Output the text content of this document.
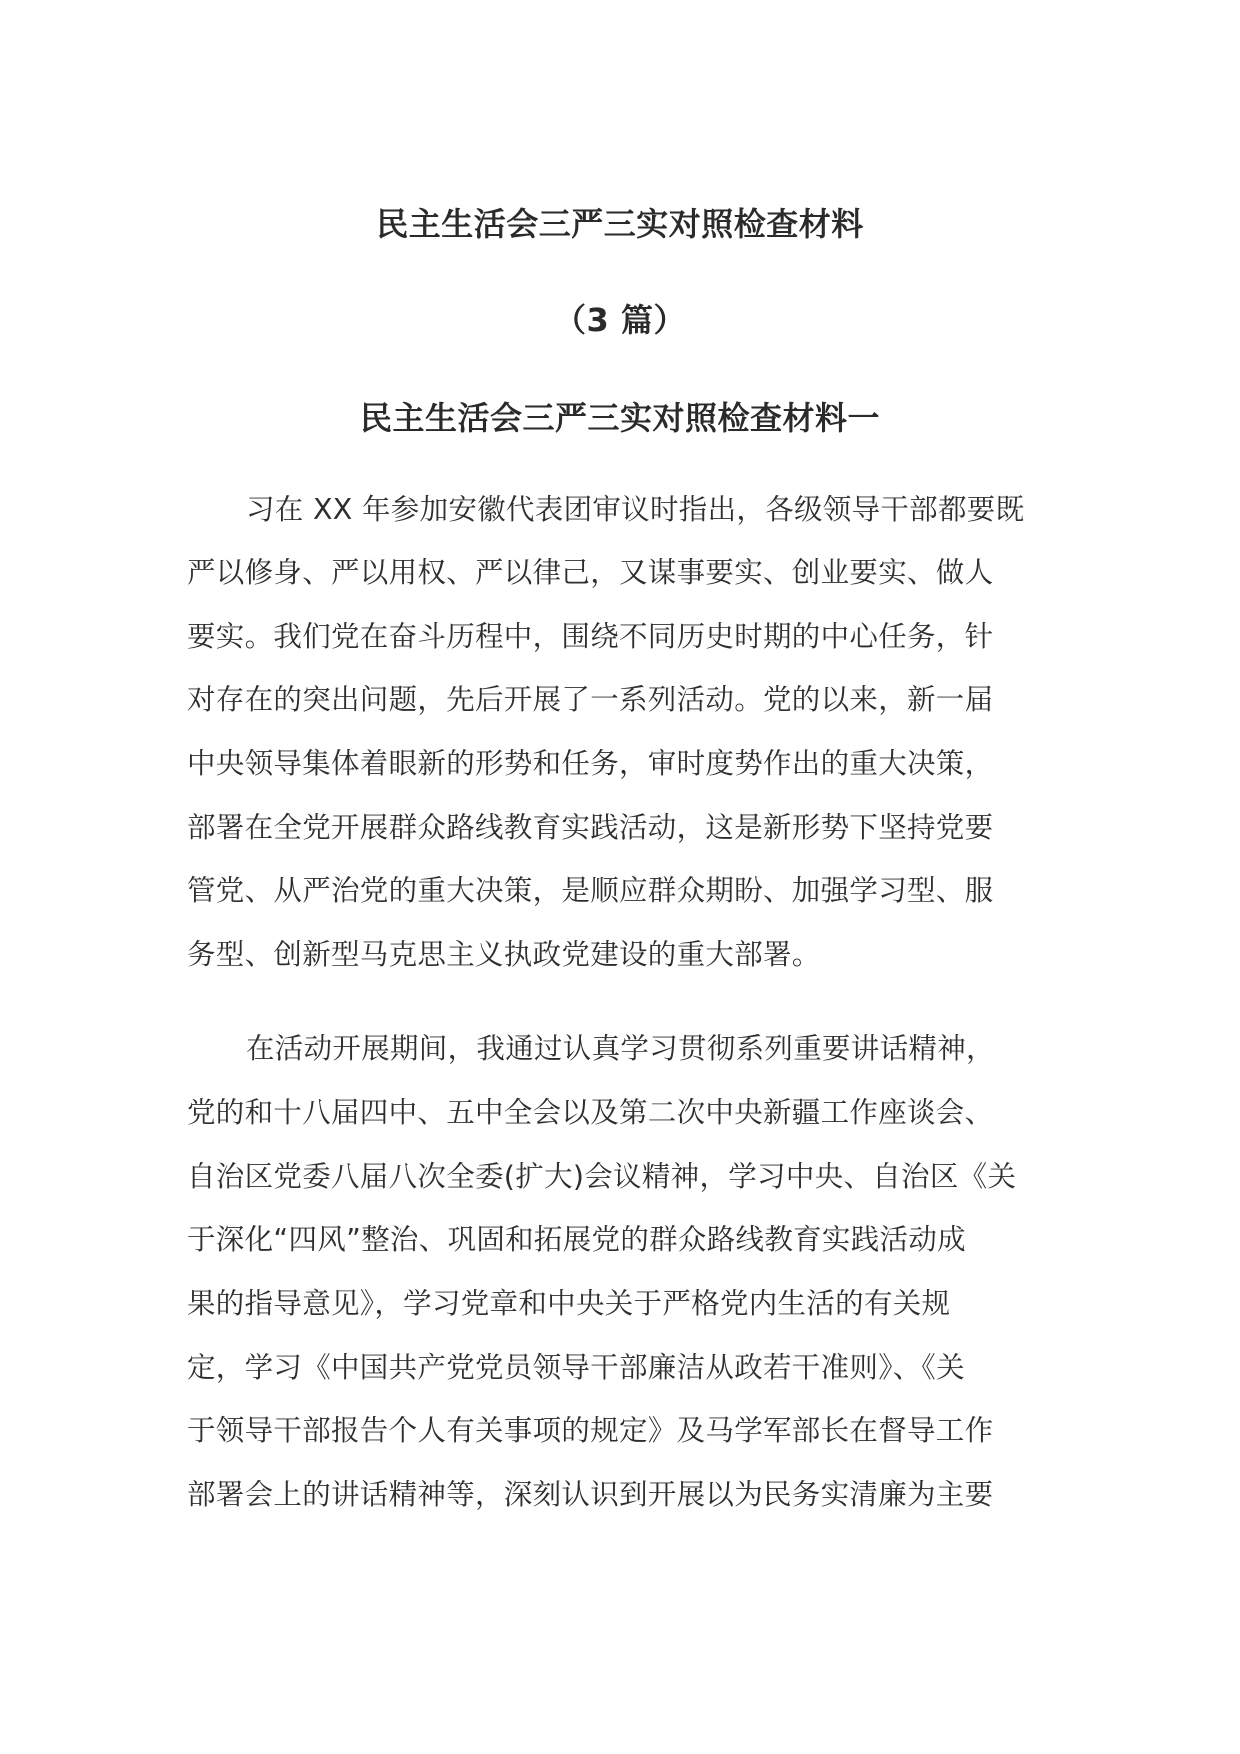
民主生活会三严三实对照检查材料
（3 篇）
民主生活会三严三实对照检查材料一
习在 XX 年参加安徽代表团审议时指出，各级领导干部都要既
严以修身、严以用权、严以律己，又谋事要实、创业要实、做人
要实。我们党在奋斗历程中，围绕不同历史时期的中心任务，针
对存在的突出问题，先后开展了一系列活动。党的以来，新一届
中央领导集体着眼新的形势和任务，审时度势作出的重大决策，
部署在全党开展群众路线教育实践活动，这是新形势下坚持党要
管党、从严治党的重大决策，是顺应群众期盼、加强学习型、服
务型、创新型马克思主义执政党建设的重大部署。
在活动开展期间，我通过认真学习贯彻系列重要讲话精神，
党的和十八届四中、五中全会以及第二次中央新疆工作座谈会、
自治区党委八届八次全委(扩大)会议精神，学习中央、自治区《关
于深化“四风”整治、巩固和拓展党的群众路线教育实践活动成
果的指导意见》，学习党章和中央关于严格党内生活的有关规
定，学习《中国共产党党员领导干部廉洁从政若干准则》、《关
于领导干部报告个人有关事项的规定》及马学军部长在督导工作
部署会上的讲话精神等，深刻认识到开展以为民务实清廉为主要
